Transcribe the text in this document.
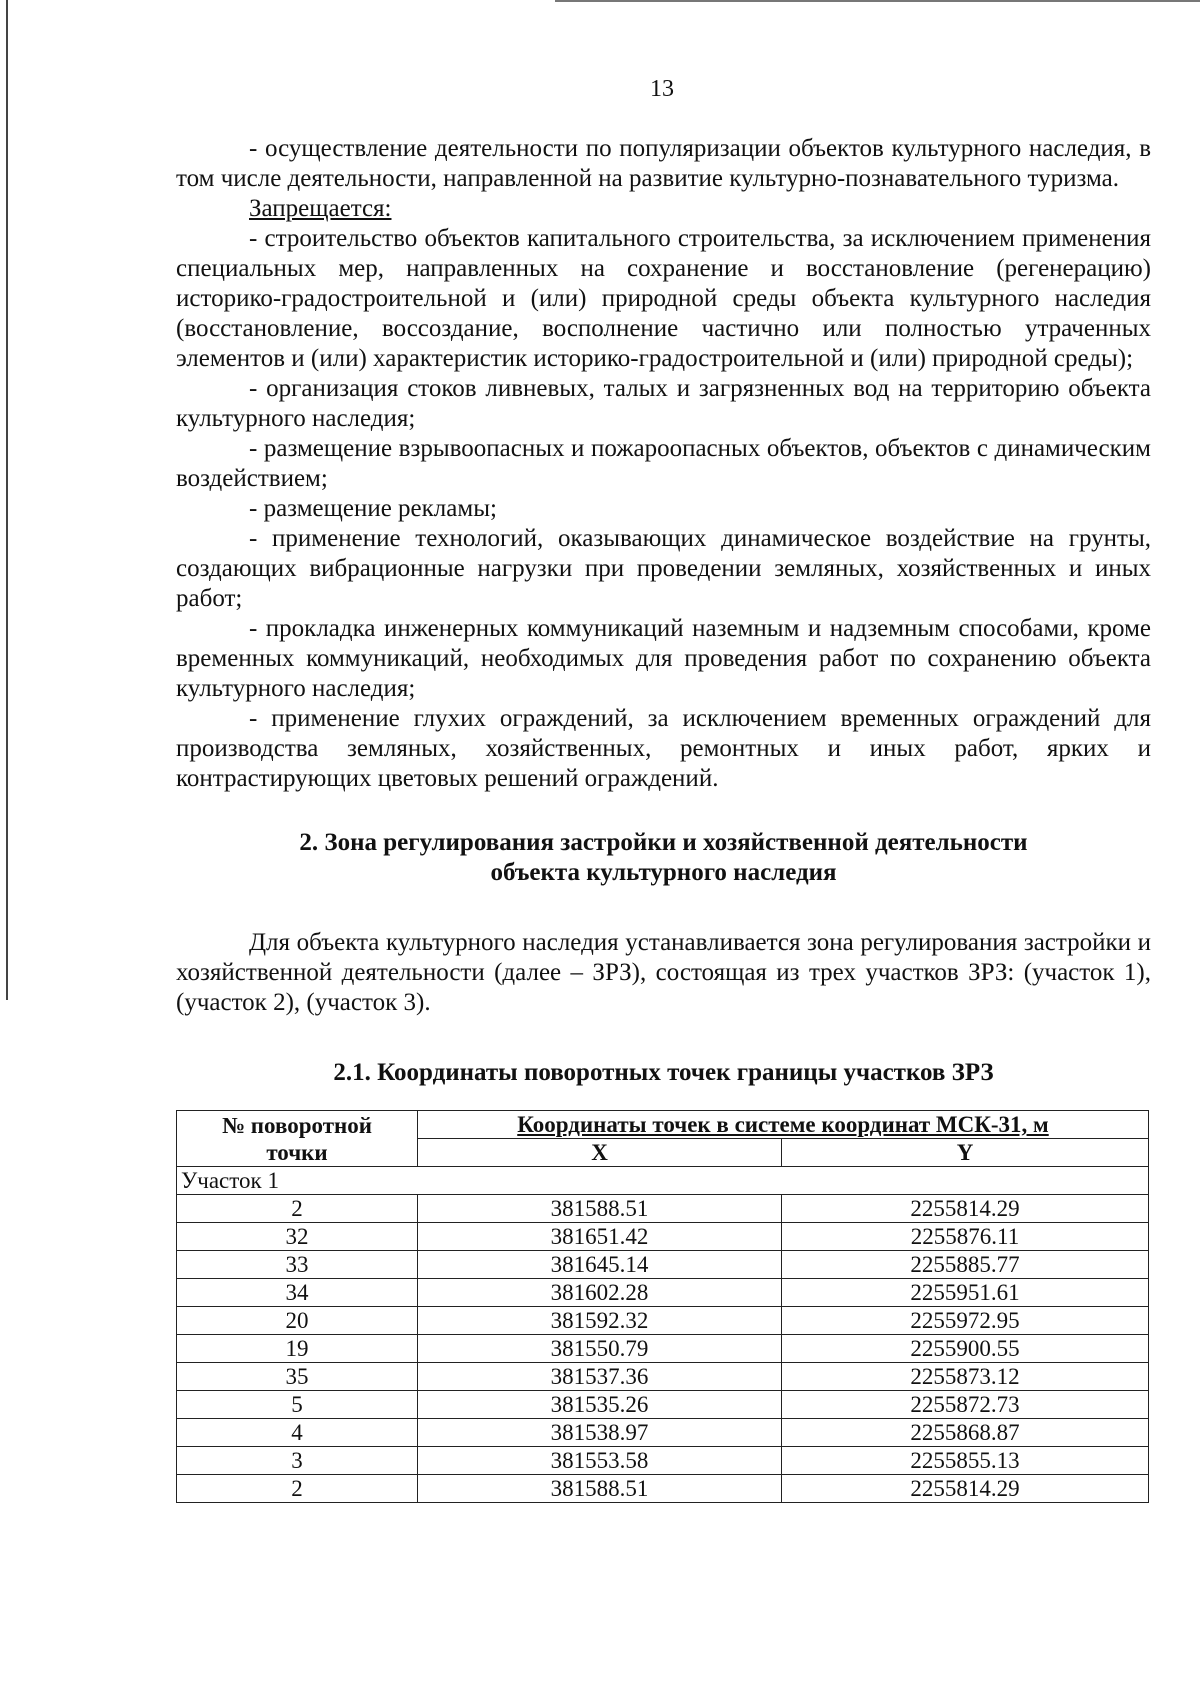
13

- осуществление деятельности по популяризации объектов культурного наследия, в том числе деятельности, направленной на развитие культурно-познавательного туризма.

Запрещается:

- строительство объектов капитального строительства, за исключением применения специальных мер, направленных на сохранение и восстановление (регенерацию) историко-градостроительной и (или) природной среды объекта культурного наследия (восстановление, воссоздание, восполнение частично или полностью утраченных элементов и (или) характеристик историко-градостроительной и (или) природной среды);

- организация стоков ливневых, талых и загрязненных вод на территорию объекта культурного наследия;

- размещение взрывоопасных и пожароопасных объектов, объектов с динамическим воздействием;

- размещение рекламы;

- применение технологий, оказывающих динамическое воздействие на грунты, создающих вибрационные нагрузки при проведении земляных, хозяйственных и иных работ;

- прокладка инженерных коммуникаций наземным и надземным способами, кроме временных коммуникаций, необходимых для проведения работ по сохранению объекта культурного наследия;

- применение глухих ограждений, за исключением временных ограждений для производства земляных, хозяйственных, ремонтных и иных работ, ярких и контрастирующих цветовых решений ограждений.

2. Зона регулирования застройки и хозяйственной деятельности
объекта культурного наследия

Для объекта культурного наследия устанавливается зона регулирования застройки и хозяйственной деятельности (далее – ЗРЗ), состоящая из трех участков ЗРЗ: (участок 1), (участок 2), (участок 3).

2.1. Координаты поворотных точек границы участков ЗРЗ
№ поворотной
точки	Координаты точек в системе координат МСК-31, м	
	X	Y
Участок 1		
2	381588.51	2255814.29
32	381651.42	2255876.11
33	381645.14	2255885.77
34	381602.28	2255951.61
20	381592.32	2255972.95
19	381550.79	2255900.55
35	381537.36	2255873.12
5	381535.26	2255872.73
4	381538.97	2255868.87
3	381553.58	2255855.13
2	381588.51	2255814.29
